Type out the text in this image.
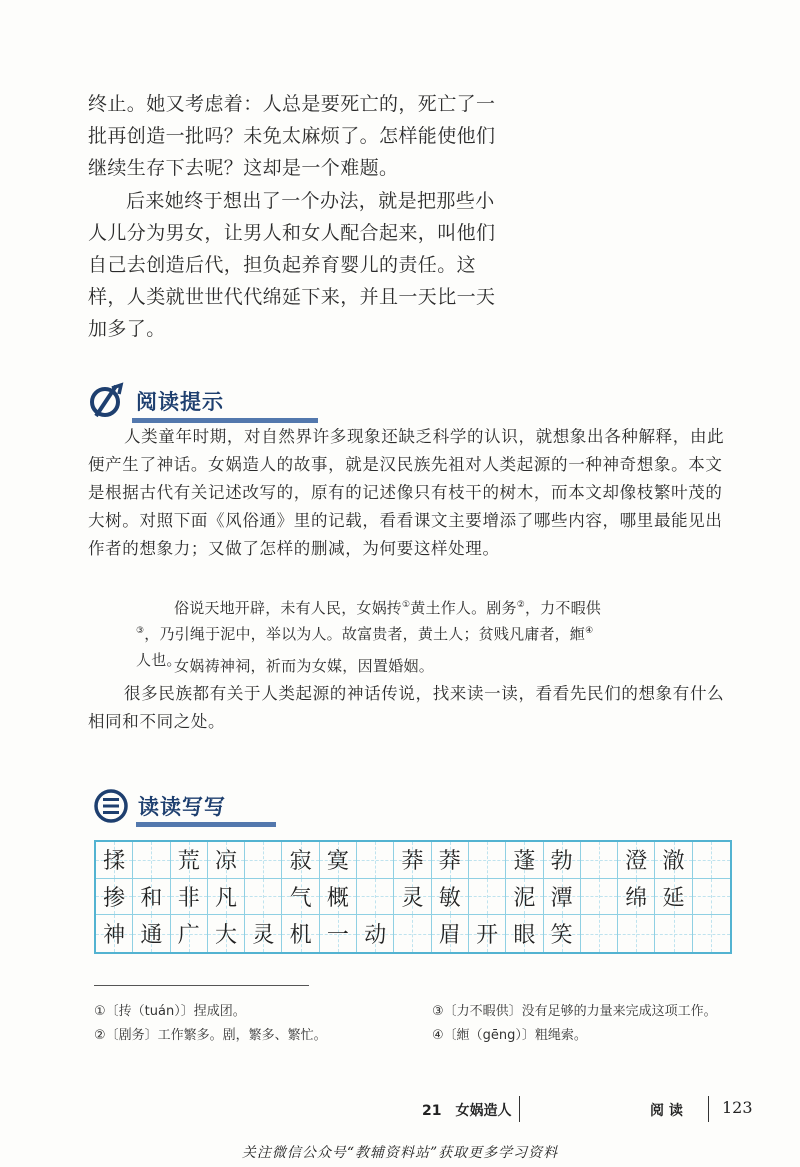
终止。她又考虑着：人总是要死亡的，死亡了一批再创造一批吗？未免太麻烦了。怎样能使他们继续生存下去呢？这却是一个难题。

后来她终于想出了一个办法，就是把那些小人儿分为男女，让男人和女人配合起来，叫他们自己去创造后代，担负起养育婴儿的责任。这样，人类就世世代代绵延下来，并且一天比一天加多了。

阅读提示

人类童年时期，对自然界许多现象还缺乏科学的认识，就想象出各种解释，由此便产生了神话。女娲造人的故事，就是汉民族先祖对人类起源的一种神奇想象。本文是根据古代有关记述改写的，原有的记述像只有枝干的树木，而本文却像枝繁叶茂的大树。对照下面《风俗通》里的记载，看看课文主要增添了哪些内容，哪里最能见出作者的想象力；又做了怎样的删减，为何要这样处理。

很多民族都有关于人类起源的神话传说，找来读一读，看看先民们的想象有什么相同和不同之处。

俗说天地开辟，未有人民，女娲抟①黄土作人。剧务②，力不暇供③，乃引绳于泥中，举以为人。故富贵者，黄土人；贫贱凡庸者，縆④人也。

女娲祷神祠，祈而为女媒，因置婚姻。

读读写写
揉 荒 凉 寂 寞 莽 莽 蓬 勃 澄 澈
掺 和 非 凡 气 概 灵 敏 泥 潭 绵 延
神 通 广 大 灵 机 一 动 眉 开 眼 笑

①〔抟（tuán）〕捏成团。

②〔剧务〕工作繁多。剧，繁多、繁忙。

③〔力不暇供〕没有足够的力量来完成这项工作。

④〔縆（gēng）〕粗绳索。

21　女娲造人	阅 读 123

关注微信公众号“教辅资料站”获取更多学习资料
